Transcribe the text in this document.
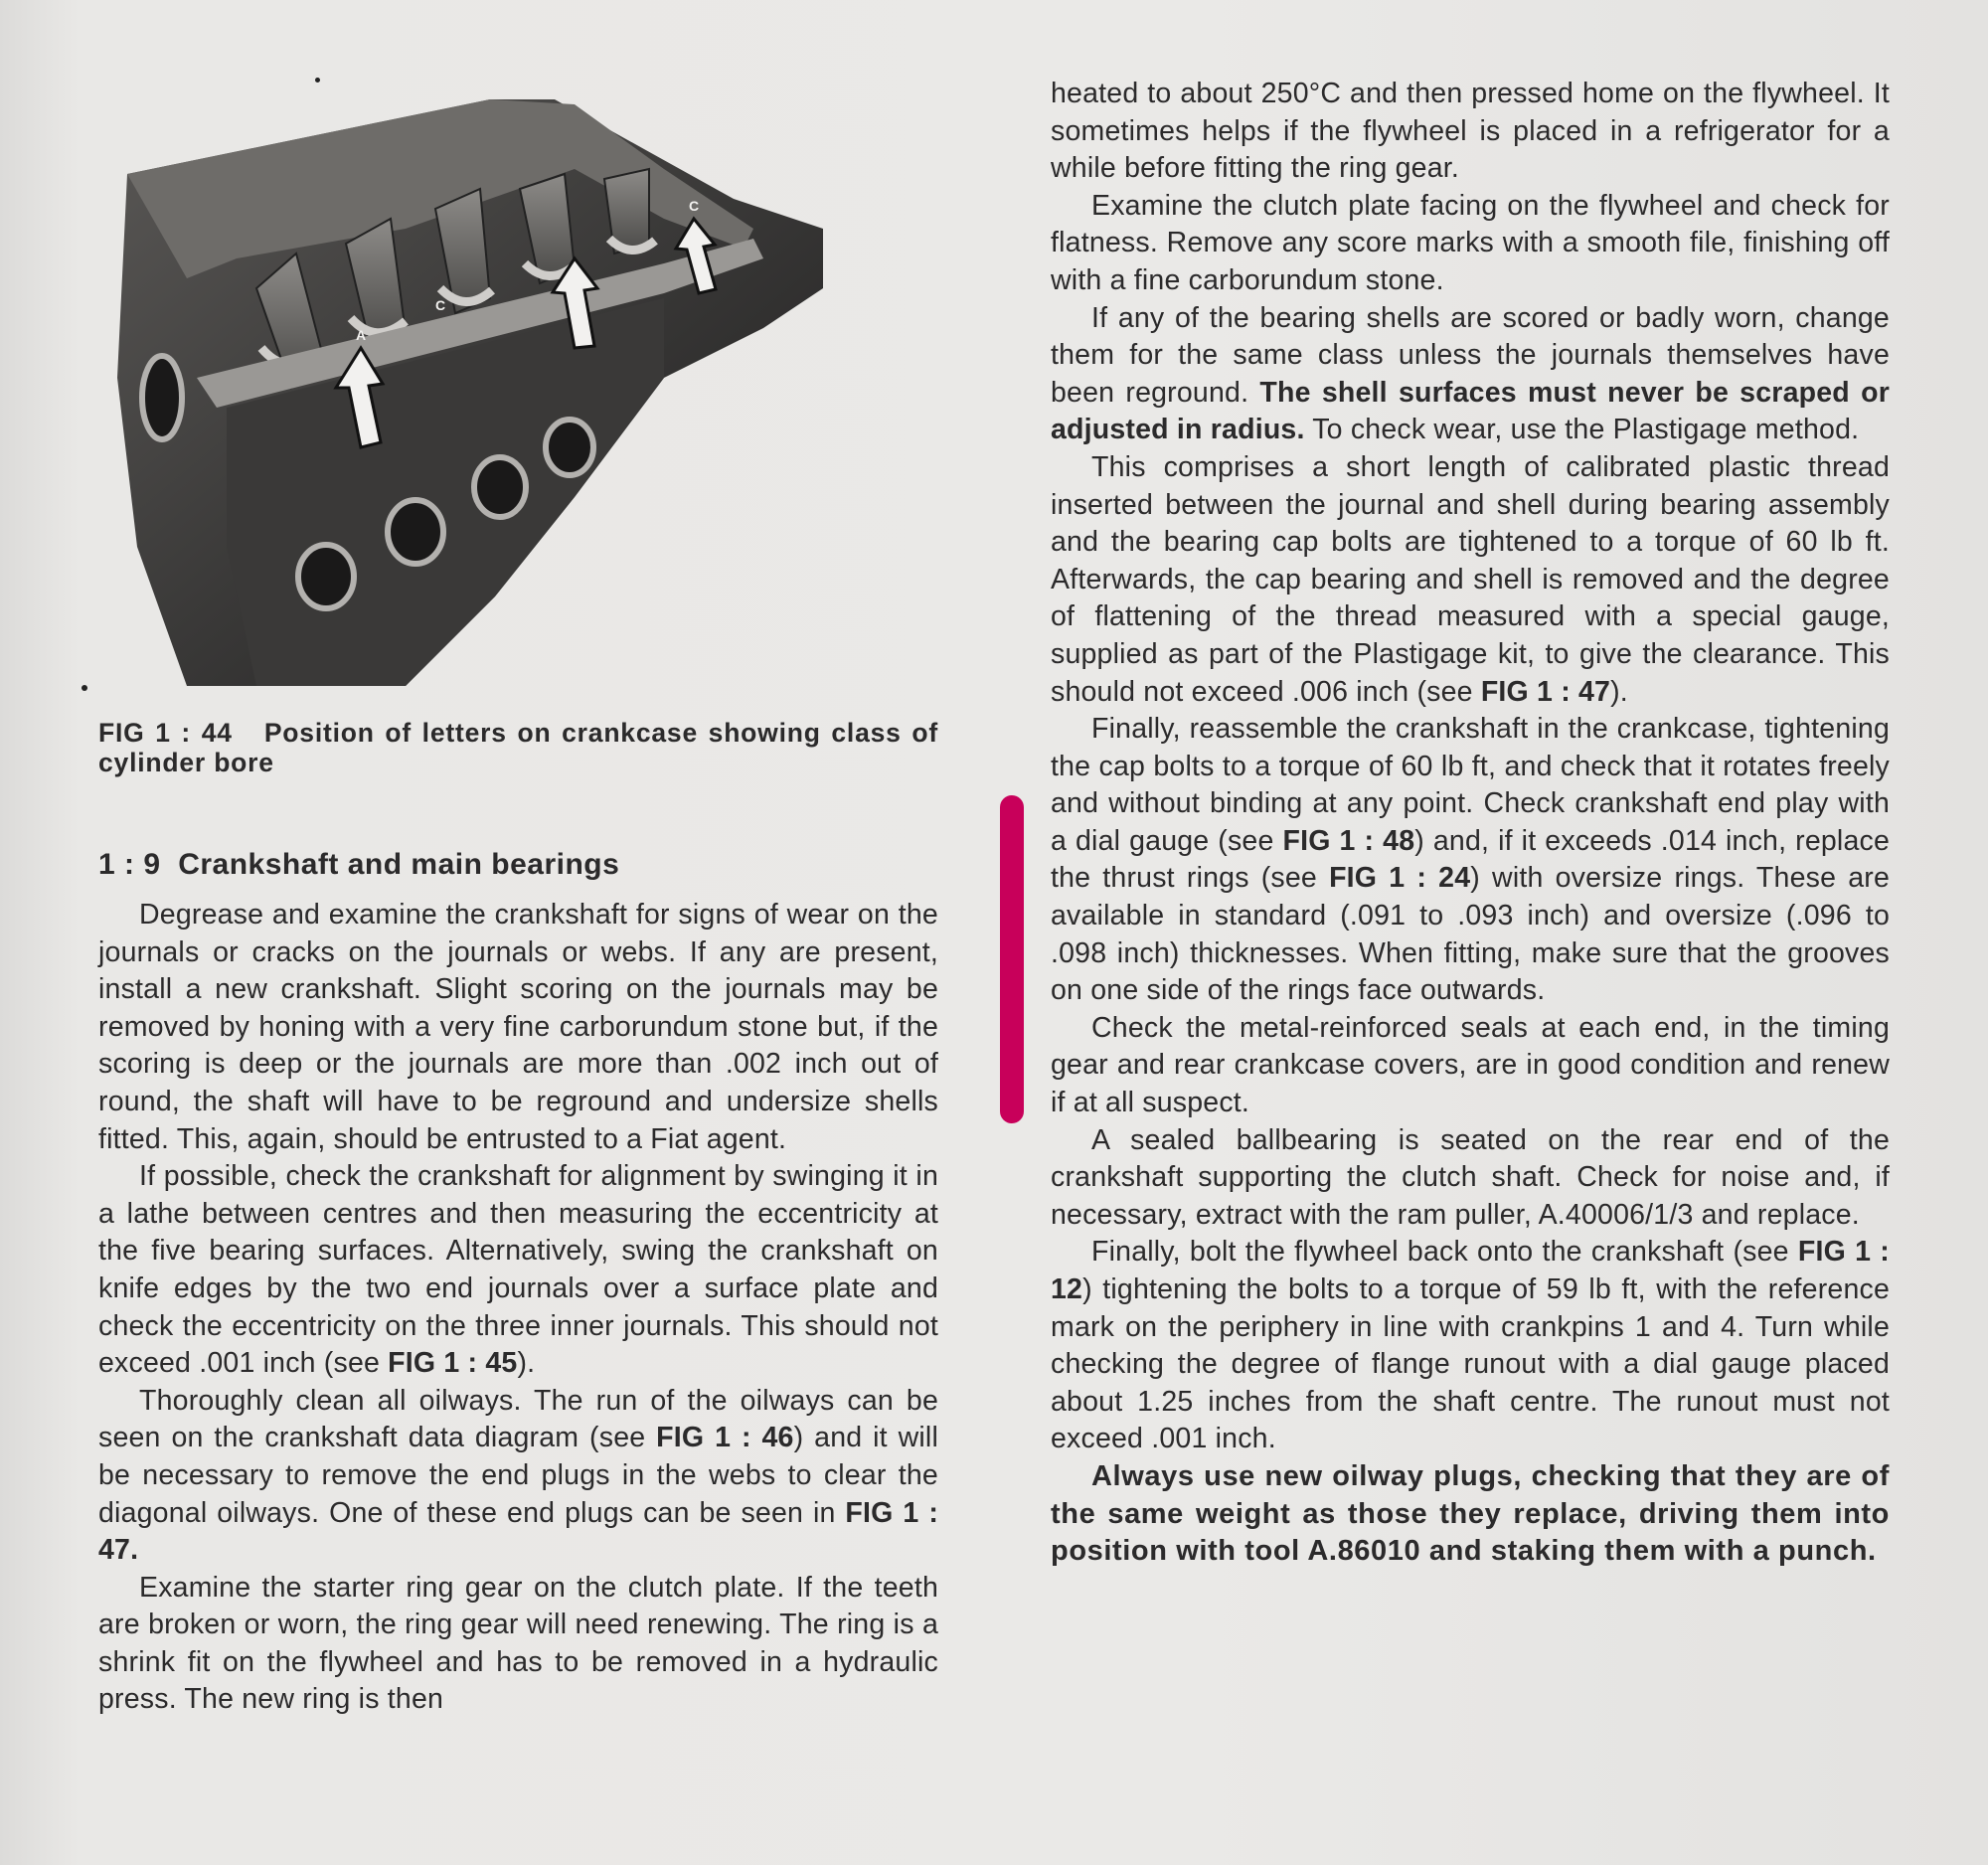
A
C
C
FIG 1 : 44 Position of letters on crankcase showing class of cylinder bore
1 : 9 Crankshaft and main bearings

Degrease and examine the crankshaft for signs of wear on the journals or cracks on the journals or webs. If any are present, install a new crankshaft. Slight scoring on the journals may be removed by honing with a very fine carborundum stone but, if the scoring is deep or the journals are more than .002 inch out of round, the shaft will have to be reground and undersize shells fitted. This, again, should be entrusted to a Fiat agent.

If possible, check the crankshaft for alignment by swinging it in a lathe between centres and then measuring the eccentricity at the five bearing surfaces. Alternatively, swing the crankshaft on knife edges by the two end journals over a surface plate and check the eccentricity on the three inner journals. This should not exceed .001 inch (see FIG 1 : 45).

Thoroughly clean all oilways. The run of the oilways can be seen on the crankshaft data diagram (see FIG 1 : 46) and it will be necessary to remove the end plugs in the webs to clear the diagonal oilways. One of these end plugs can be seen in FIG 1 : 47.

Examine the starter ring gear on the clutch plate. If the teeth are broken or worn, the ring gear will need renewing. The ring is a shrink fit on the flywheel and has to be removed in a hydraulic press. The new ring is then

heated to about 250°C and then pressed home on the flywheel. It sometimes helps if the flywheel is placed in a refrigerator for a while before fitting the ring gear.

Examine the clutch plate facing on the flywheel and check for flatness. Remove any score marks with a smooth file, finishing off with a fine carborundum stone.

If any of the bearing shells are scored or badly worn, change them for the same class unless the journals themselves have been reground. The shell surfaces must never be scraped or adjusted in radius. To check wear, use the Plastigage method.

This comprises a short length of calibrated plastic thread inserted between the journal and shell during bearing assembly and the bearing cap bolts are tightened to a torque of 60 lb ft. Afterwards, the cap bearing and shell is removed and the degree of flattening of the thread measured with a special gauge, supplied as part of the Plastigage kit, to give the clearance. This should not exceed .006 inch (see FIG 1 : 47).

Finally, reassemble the crankshaft in the crankcase, tightening the cap bolts to a torque of 60 lb ft, and check that it rotates freely and without binding at any point. Check crankshaft end play with a dial gauge (see FIG 1 : 48) and, if it exceeds .014 inch, replace the thrust rings (see FIG 1 : 24) with oversize rings. These are available in standard (.091 to .093 inch) and oversize (.096 to .098 inch) thicknesses. When fitting, make sure that the grooves on one side of the rings face outwards.

Check the metal-reinforced seals at each end, in the timing gear and rear crankcase covers, are in good condition and renew if at all suspect.

A sealed ballbearing is seated on the rear end of the crankshaft supporting the clutch shaft. Check for noise and, if necessary, extract with the ram puller, A.40006/1/3 and replace.

Finally, bolt the flywheel back onto the crankshaft (see FIG 1 : 12) tightening the bolts to a torque of 59 lb ft, with the reference mark on the periphery in line with crankpins 1 and 4. Turn while checking the degree of flange runout with a dial gauge placed about 1.25 inches from the shaft centre. The runout must not exceed .001 inch.

Always use new oilway plugs, checking that they are of the same weight as those they replace, driving them into position with tool A.86010 and staking them with a punch.
